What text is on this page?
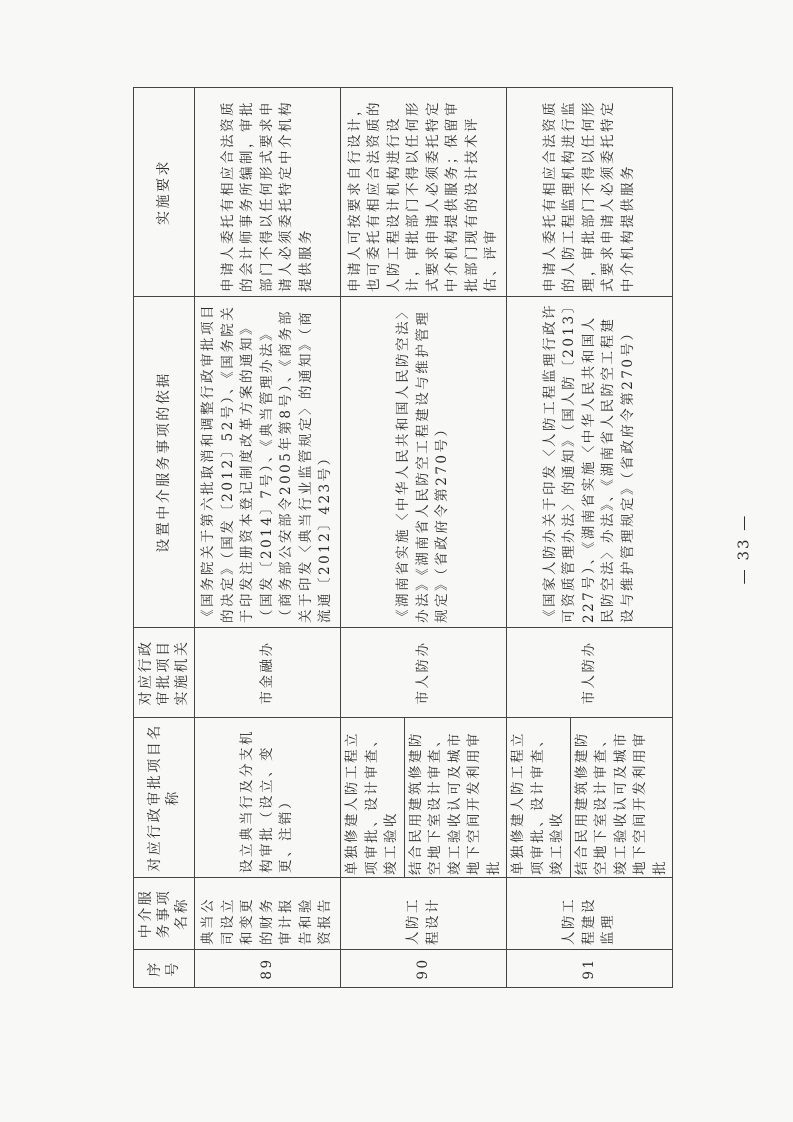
序号	中介服务事项名称	对应行政审批项目名称	对应行政审批项目实施机关	设置中介服务事项的依据	实施要求
89	典当公司设立和变更的财务审计报告和验资报告	设立典当行及分支机构审批（设立、变更、注销）	市金融办	《国务院关于第六批取消和调整行政审批项目的决定》（国发〔2012〕52号）、《国务院关于印发注册资本登记制度改革方案的通知》（国发〔2014〕7号）、《典当管理办法》（商务部公安部令2005年第8号）、《商务部关于印发〈典当行业监管规定〉的通知》（商流通〔2012〕423号）	申请人委托有相应合法资质的会计师事务所编制，审批部门不得以任何形式要求申请人必须委托特定中介机构提供服务
90	人防工程设计	单独修建人防工程立项审批、设计审查、竣工验收 结合民用建筑修建防空地下室设计审查、竣工验收认可及城市地下空间开发利用审批	市人防办	《湖南省实施〈中华人民共和国人民防空法〉办法》《湖南省人民防空工程建设与维护管理规定》（省政府令第270号）	申请人可按要求自行设计，也可委托有相应合法资质的人防工程设计机构进行设计，审批部门不得以任何形式要求申请人必须委托特定中介机构提供服务；保留审批部门现有的设计技术评估、评审
91	人防工程建设监理	单独修建人防工程立项审批、设计审查、竣工验收 结合民用建筑修建防空地下室设计审查、竣工验收认可及城市地下空间开发利用审批	市人防办	《国家人防办关于印发〈人防工程监理行政许可资质管理办法〉的通知》（国人防〔2013〕227号）、《湖南省实施〈中华人民共和国人民防空法〉办法》、《湖南省人民防空工程建设与维护管理规定》（省政府令第270号）	申请人委托有相应合法资质的人防工程监理机构进行监理，审批部门不得以任何形式要求申请人必须委托特定中介机构提供服务
— 33 —
